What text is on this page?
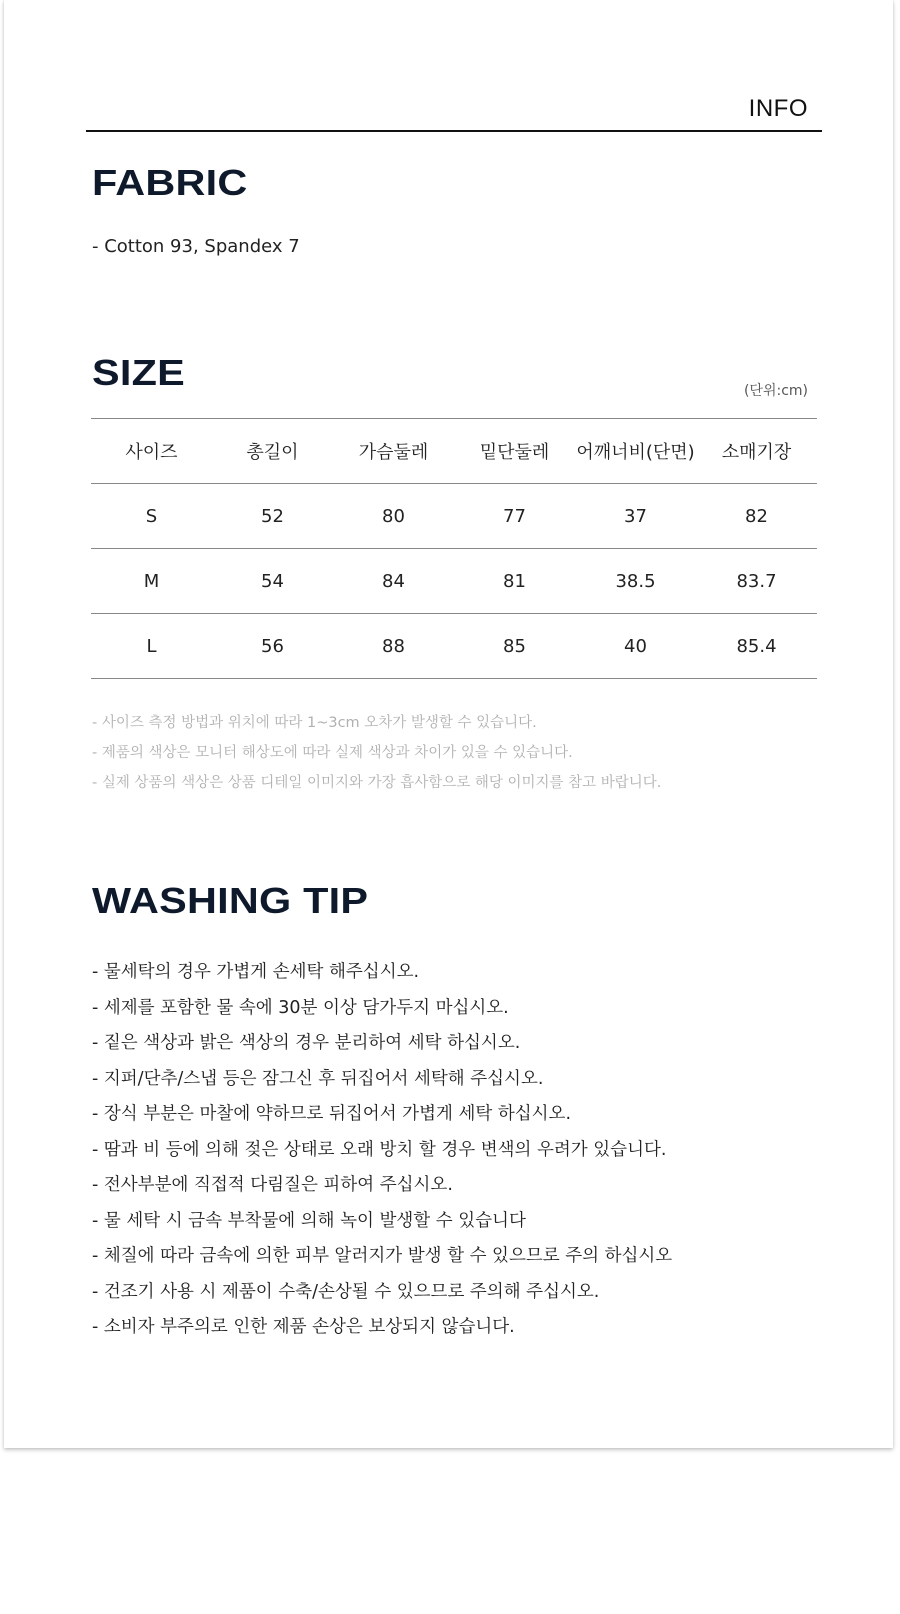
INFO
FABRIC
- Cotton 93, Spandex 7
SIZE	(단위:cm)
사이즈	총길이	가슴둘레	밑단둘레	어깨너비(단면)	소매기장
S	52	80	77	37	82
M	54	84	81	38.5	83.7
L	56	88	85	40	85.4
- 사이즈 측정 방법과 위치에 따라 1~3cm 오차가 발생할 수 있습니다.
- 제품의 색상은 모니터 해상도에 따라 실제 색상과 차이가 있을 수 있습니다.
- 실제 상품의 색상은 상품 디테일 이미지와 가장 흡사함으로 해당 이미지를 참고 바랍니다.
WASHING TIP
- 물세탁의 경우 가볍게 손세탁 해주십시오.
- 세제를 포함한 물 속에 30분 이상 담가두지 마십시오.
- 짙은 색상과 밝은 색상의 경우 분리하여 세탁 하십시오.
- 지퍼/단추/스냅 등은 잠그신 후 뒤집어서 세탁해 주십시오.
- 장식 부분은 마찰에 약하므로 뒤집어서 가볍게 세탁 하십시오.
- 땀과 비 등에 의해 젖은 상태로 오래 방치 할 경우 변색의 우려가 있습니다.
- 전사부분에 직접적 다림질은 피하여 주십시오.
- 물 세탁 시 금속 부착물에 의해 녹이 발생할 수 있습니다
- 체질에 따라 금속에 의한 피부 알러지가 발생 할 수 있으므로 주의 하십시오
- 건조기 사용 시 제품이 수축/손상될 수 있으므로 주의해 주십시오.
- 소비자 부주의로 인한 제품 손상은 보상되지 않습니다.
